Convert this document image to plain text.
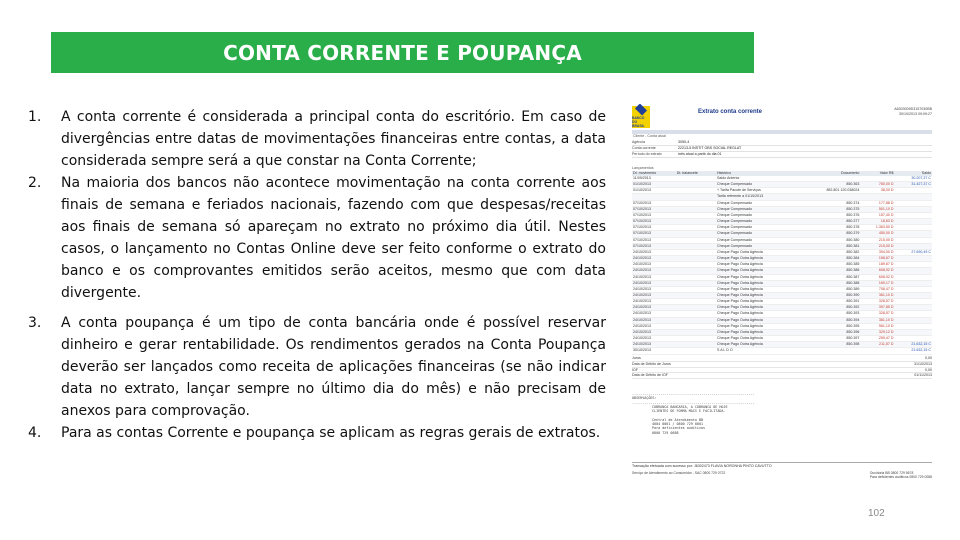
CONTA CORRENTE E POUPANÇA
1.	A conta corrente é considerada a principal conta do escritório. Em caso de divergências entre datas de movimentações financeiras entre contas, a data considerada sempre será a que constar na Conta Corrente;
2.	Na maioria dos bancos não acontece movimentação na conta corrente aos finais de semana e feriados nacionais, fazendo com que despesas/receitas aos finais de semana só apareçam no extrato no próximo dia útil. Nestes casos, o lançamento no Contas Online deve ser feito conforme o extrato do banco e os comprovantes emitidos serão aceitos, mesmo que com data divergente.
3.	A conta poupança é um tipo de conta bancária onde é possível reservar dinheiro e gerar rentabilidade. Os rendimentos gerados na Conta Poupança deverão ser lançados como receita de aplicações financeiras (se não indicar data no extrato, lançar sempre no último dia do mês) e não precisam de anexos para comprovação.
4.	Para as contas Corrente e poupança se aplicam as regras gerais de extratos.
BANCO DO BRASIL
Extrato conta corrente	A6303009D3157030BB
30/10/2013 09:09:27
Cliente - Conta atual
Agência	3050-4
Conta corrente	22213-5 INSTIT OBS SOCIAL REGLAT
Período do extrato	mês atual a partir do dia 01
Lançamentos
Dt. movimento	Dt. balancete	Histórico	Documento	Valor R$	Saldo
11/09/2013		Saldo Anterior			30.207,37 C
01/10/2013		Cheque Compensado	850.363	780,00 D	31.427,37 C
01/10/2013		+ Tarifa Pacote de Serviços	892.801 120.038024	38,00 D	
		Tarifa referente a 01/10/2013			
07/10/2013		Cheque Compensado	850.374	177,88 D	
07/10/2013		Cheque Compensado	850.375	501,10 D	
07/10/2013		Cheque Compensado	850.376	157,40 D	
07/10/2013		Cheque Compensado	850.377	18,63 D	
07/10/2013		Cheque Compensado	850.378	1.363,50 D	
07/10/2013		Cheque Compensado	850.379	450,00 D	
07/10/2013		Cheque Compensado	850.380	215,00 D	
07/10/2013		Cheque Compensado	850.381	215,00 D	
24/10/2013		Cheque Pago Outra Agência	850.382	394,00 D	27.690,49 C
24/10/2013		Cheque Pago Outra Agência	850.384	158,67 D	
24/10/2013		Cheque Pago Outra Agência	850.385	189,67 D	
24/10/2013		Cheque Pago Outra Agência	850.386	608,92 D	
24/10/2013		Cheque Pago Outra Agência	850.387	608,92 D	
24/10/2013		Cheque Pago Outra Agência	850.388	169,17 D	
24/10/2013		Cheque Pago Outra Agência	850.389	708,47 D	
24/10/2013		Cheque Pago Outra Agência	850.390	361,10 D	
24/10/2013		Cheque Pago Outra Agência	850.391	328,57 D	
24/10/2013		Cheque Pago Outra Agência	850.392	397,85 D	
24/10/2013		Cheque Pago Outra Agência	850.393	328,57 D	
24/10/2013		Cheque Pago Outra Agência	850.394	381,10 D	
24/10/2013		Cheque Pago Outra Agência	850.395	561,10 D	
24/10/2013		Cheque Pago Outra Agência	850.396	329,12 D	
24/10/2013		Cheque Pago Outra Agência	850.397	259,47 D	
24/10/2013		Cheque Pago Outra Agência	850.398	211,57 D	21.632,15 C
30/10/2013		S A L D O			21.632,15 C
Juros	0,00
Data de Débito de Juros	31/10/2013
IOF	0,00
Data de Débito de IOF	01/11/2013
------------------------------------------------------------
OBSERVAÇÕES:
------------------------------------------------------------
COBRANCA BANCARIA, A COBRANCA DE HOJE
CLIENTES DE FORMA MAIS E FACILITADA.
Central de Atendimento BB
4004 0001 / 0800 729 0001
Para deficientes auditivos
0800 729 0088
Transação efetuada com sucesso por: J6302473 FLAVIA NORONHA PINTO CAVUTTO
Serviço de Atendimento ao Consumidor - SAC 0800 729 0722	Ouvidoria BB 0800 729 5678
Para deficientes auditivos 0800 729 0088
102
